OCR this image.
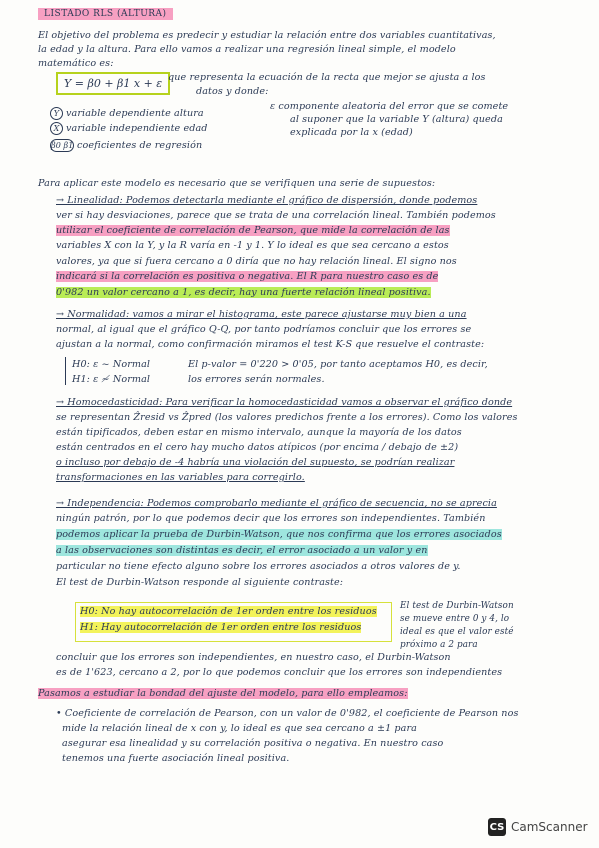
LISTADO RLS (ALTURA)
El objetivo del problema es predecir y estudiar la relación entre dos variables cuantitativas,
la edad y la altura. Para ello vamos a realizar una regresión lineal simple, el modelo
matemático es:
Y = β0 + β1 x + ε que representa la ecuación de la recta que mejor se ajusta a los
datos y donde:
Y variable dependiente altura
X variable independiente edad
β0 β1 coeficientes de regresión
ε componente aleatoria del error que se comete
al suponer que la variable Y (altura) queda
explicada por la x (edad)
Para aplicar este modelo es necesario que se verifiquen una serie de supuestos:
→ Linealidad: Podemos detectarla mediante el gráfico de dispersión, donde podemos
ver si hay desviaciones, parece que se trata de una correlación lineal. También podemos
utilizar el coeficiente de correlación de Pearson, que mide la correlación de las
variables X con la Y, y la R varía en -1 y 1. Y lo ideal es que sea cercano a estos
valores, ya que si fuera cercano a 0 diría que no hay relación lineal. El signo nos
indicará si la correlación es positiva o negativa. El R para nuestro caso es de
0'982 un valor cercano a 1, es decir, hay una fuerte relación lineal positiva.
→ Normalidad: vamos a mirar el histograma, este parece ajustarse muy bien a una
normal, al igual que el gráfico Q-Q, por tanto podríamos concluir que los errores se
ajustan a la normal, como confirmación miramos el test K-S que resuelve el contraste:
H0: ε ~ Normal	El p-valor = 0'220 > 0'05, por tanto aceptamos H0, es decir,
H1: ε ≁ Normal	los errores serán normales.
→ Homocedasticidad: Para verificar la homocedasticidad vamos a observar el gráfico donde
se representan Ẑresid vs Ẑpred (los valores predichos frente a los errores). Como los valores
están tipificados, deben estar en mismo intervalo, aunque la mayoría de los datos
están centrados en el cero hay mucho datos atípicos (por encima / debajo de ±2)
o incluso por debajo de -4 habría una violación del supuesto, se podrían realizar
transformaciones en las variables para corregirlo.
→ Independencia: Podemos comprobarlo mediante el gráfico de secuencia, no se aprecia
ningún patrón, por lo que podemos decir que los errores son independientes. También
podemos aplicar la prueba de Durbin-Watson, que nos confirma que los errores asociados
a las observaciones son distintas es decir, el error asociado a un valor y en
particular no tiene efecto alguno sobre los errores asociados a otros valores de y.
El test de Durbin-Watson responde al siguiente contraste:
H0: No hay autocorrelación de 1er orden entre los residuos
H1: Hay autocorrelación de 1er orden entre los residuos
El test de Durbin-Watson
se mueve entre 0 y 4, lo
ideal es que el valor esté
próximo a 2 para
concluir que los errores son independientes, en nuestro caso, el Durbin-Watson
es de 1'623, cercano a 2, por lo que podemos concluir que los errores son independientes
Pasamos a estudiar la bondad del ajuste del modelo, para ello empleamos:
• Coeficiente de correlación de Pearson, con un valor de 0'982, el coeficiente de Pearson nos
mide la relación lineal de x con y, lo ideal es que sea cercano a ±1 para
asegurar esa linealidad y su correlación positiva o negativa. En nuestro caso
tenemos una fuerte asociación lineal positiva.
CS CamScanner
